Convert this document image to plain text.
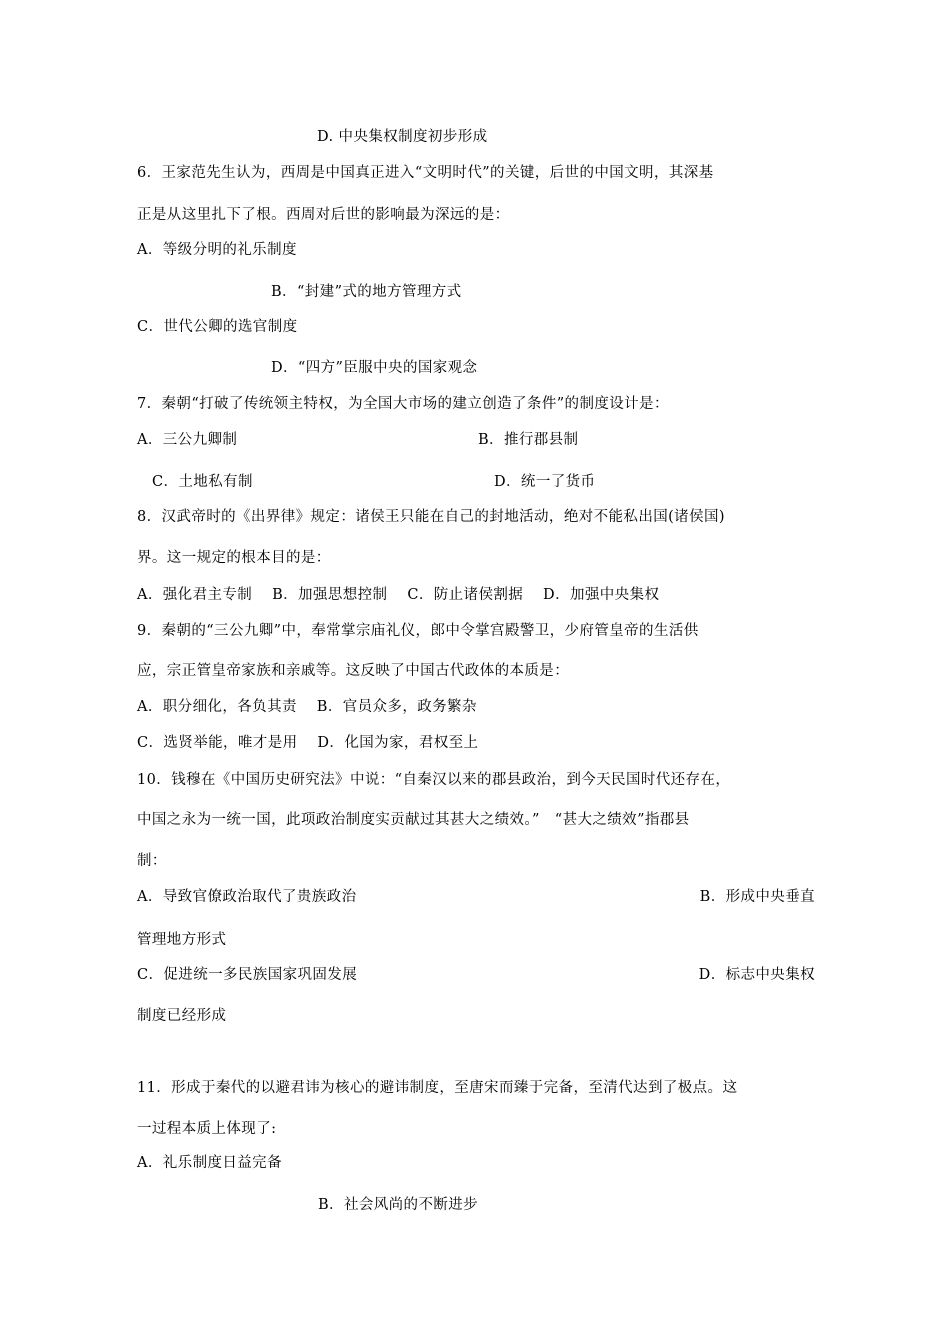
D. 中央集权制度初步形成
6．王家范先生认为，西周是中国真正进入“文明时代”的关键，后世的中国文明，其深基
正是从这里扎下了根。西周对后世的影响最为深远的是：
A．等级分明的礼乐制度
B．“封建”式的地方管理方式
C．世代公卿的选官制度
D．“四方”臣服中央的国家观念
7．秦朝“打破了传统领主特权，为全国大市场的建立创造了条件”的制度设计是：
A．三公九卿制	B．推行郡县制
C．土地私有制	D．统一了货币
8．汉武帝时的《出界律》规定：诸侯王只能在自己的封地活动，绝对不能私出国(诸侯国)
界。这一规定的根本目的是：
A．强化君主专制　 B．加强思想控制　 C．防止诸侯割据　 D．加强中央集权
9．秦朝的“三公九卿”中，奉常掌宗庙礼仪，郎中令掌宫殿警卫，少府管皇帝的生活供
应，宗正管皇帝家族和亲戚等。这反映了中国古代政体的本质是：
A．职分细化，各负其责　 B．官员众多，政务繁杂
C．选贤举能，唯才是用　 D．化国为家，君权至上
10．钱穆在《中国历史研究法》中说：“自秦汉以来的郡县政治，到今天民国时代还存在，
中国之永为一统一国，此项政治制度实贡献过其甚大之绩效。”　“甚大之绩效”指郡县
制：
A．导致官僚政治取代了贵族政治	B．形成中央垂直
管理地方形式
C．促进统一多民族国家巩固发展	D．标志中央集权
制度已经形成
11．形成于秦代的以避君讳为核心的避讳制度，至唐宋而臻于完备，至清代达到了极点。这
一过程本质上体现了:
A．礼乐制度日益完备
B．社会风尚的不断进步
